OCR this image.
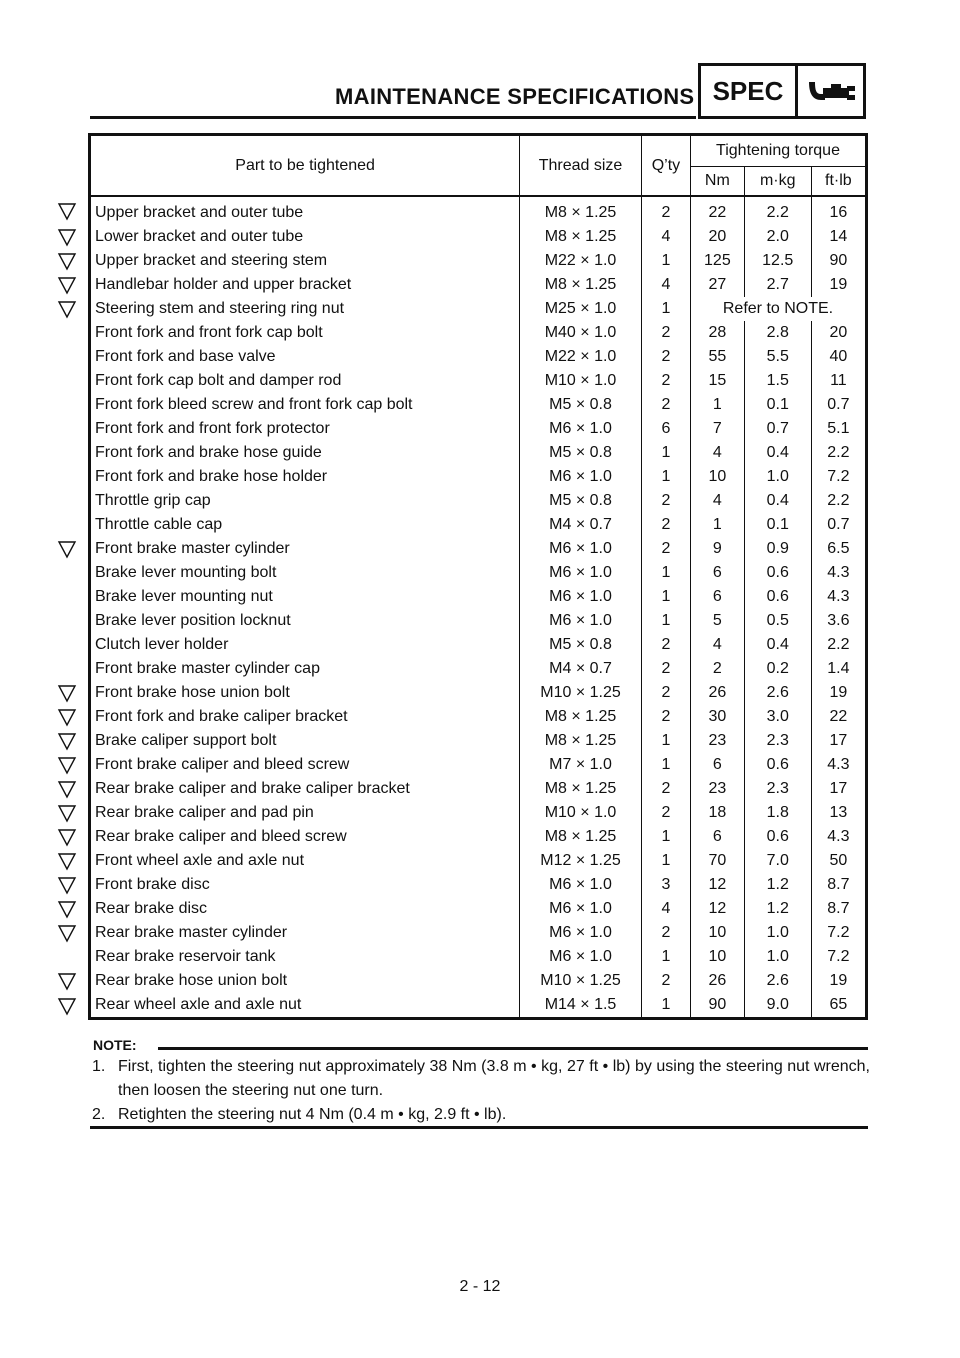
MAINTENANCE SPECIFICATIONS SPEC
Part to be tightened	Thread size	Q’ty	Tightening torque		
			Nm	m·kg	ft·lb
Upper bracket and outer tube	M8 × 1.25	2	22	2.2	16
Lower bracket and outer tube	M8 × 1.25	4	20	2.0	14
Upper bracket and steering stem	M22 × 1.0	1	125	12.5	90
Handlebar holder and upper bracket	M8 × 1.25	4	27	2.7	19
Steering stem and steering ring nut	M25 × 1.0	1	Refer to NOTE.		
Front fork and front fork cap bolt	M40 × 1.0	2	28	2.8	20
Front fork and base valve	M22 × 1.0	2	55	5.5	40
Front fork cap bolt and damper rod	M10 × 1.0	2	15	1.5	11
Front fork bleed screw and front fork cap bolt	M5 × 0.8	2	1	0.1	0.7
Front fork and front fork protector	M6 × 1.0	6	7	0.7	5.1
Front fork and brake hose guide	M5 × 0.8	1	4	0.4	2.2
Front fork and brake hose holder	M6 × 1.0	1	10	1.0	7.2
Throttle grip cap	M5 × 0.8	2	4	0.4	2.2
Throttle cable cap	M4 × 0.7	2	1	0.1	0.7
Front brake master cylinder	M6 × 1.0	2	9	0.9	6.5
Brake lever mounting bolt	M6 × 1.0	1	6	0.6	4.3
Brake lever mounting nut	M6 × 1.0	1	6	0.6	4.3
Brake lever position locknut	M6 × 1.0	1	5	0.5	3.6
Clutch lever holder	M5 × 0.8	2	4	0.4	2.2
Front brake master cylinder cap	M4 × 0.7	2	2	0.2	1.4
Front brake hose union bolt	M10 × 1.25	2	26	2.6	19
Front fork and brake caliper bracket	M8 × 1.25	2	30	3.0	22
Brake caliper support bolt	M8 × 1.25	1	23	2.3	17
Front brake caliper and bleed screw	M7 × 1.0	1	6	0.6	4.3
Rear brake caliper and brake caliper bracket	M8 × 1.25	2	23	2.3	17
Rear brake caliper and pad pin	M10 × 1.0	2	18	1.8	13
Rear brake caliper and bleed screw	M8 × 1.25	1	6	0.6	4.3
Front wheel axle and axle nut	M12 × 1.25	1	70	7.0	50
Front brake disc	M6 × 1.0	3	12	1.2	8.7
Rear brake disc	M6 × 1.0	4	12	1.2	8.7
Rear brake master cylinder	M6 × 1.0	2	10	1.0	7.2
Rear brake reservoir tank	M6 × 1.0	1	10	1.0	7.2
Rear brake hose union bolt	M10 × 1.25	2	26	2.6	19
Rear wheel axle and axle nut	M14 × 1.5	1	90	9.0	65
NOTE:
1. First, tighten the steering nut approximately 38 Nm (3.8 m • kg, 27 ft • lb) by using the steering nut wrench, then loosen the steering nut one turn.
2. Retighten the steering nut 4 Nm (0.4 m • kg, 2.9 ft • lb).
2 - 12
